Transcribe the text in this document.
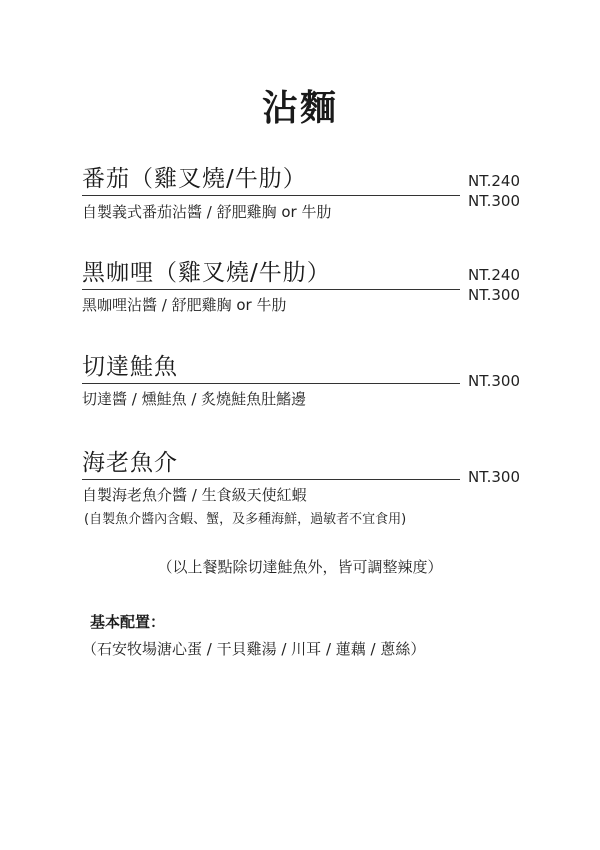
沾麵
番茄（雞叉燒/牛肋）
自製義式番茄沾醬 / 舒肥雞胸 or 牛肋
NT.240
NT.300
黑咖哩（雞叉燒/牛肋）
黑咖哩沾醬 / 舒肥雞胸 or 牛肋
NT.240
NT.300
切達鮭魚
切達醬 / 燻鮭魚 / 炙燒鮭魚肚鰭邊
NT.300
海老魚介
自製海老魚介醬 / 生食級天使紅蝦
(自製魚介醬內含蝦、蟹，及多種海鮮，過敏者不宜食用)
NT.300
（以上餐點除切達鮭魚外，皆可調整辣度）
基本配置：
（石安牧場溏心蛋 / 干貝雞湯 / 川耳 / 蓮藕 / 蔥絲）
